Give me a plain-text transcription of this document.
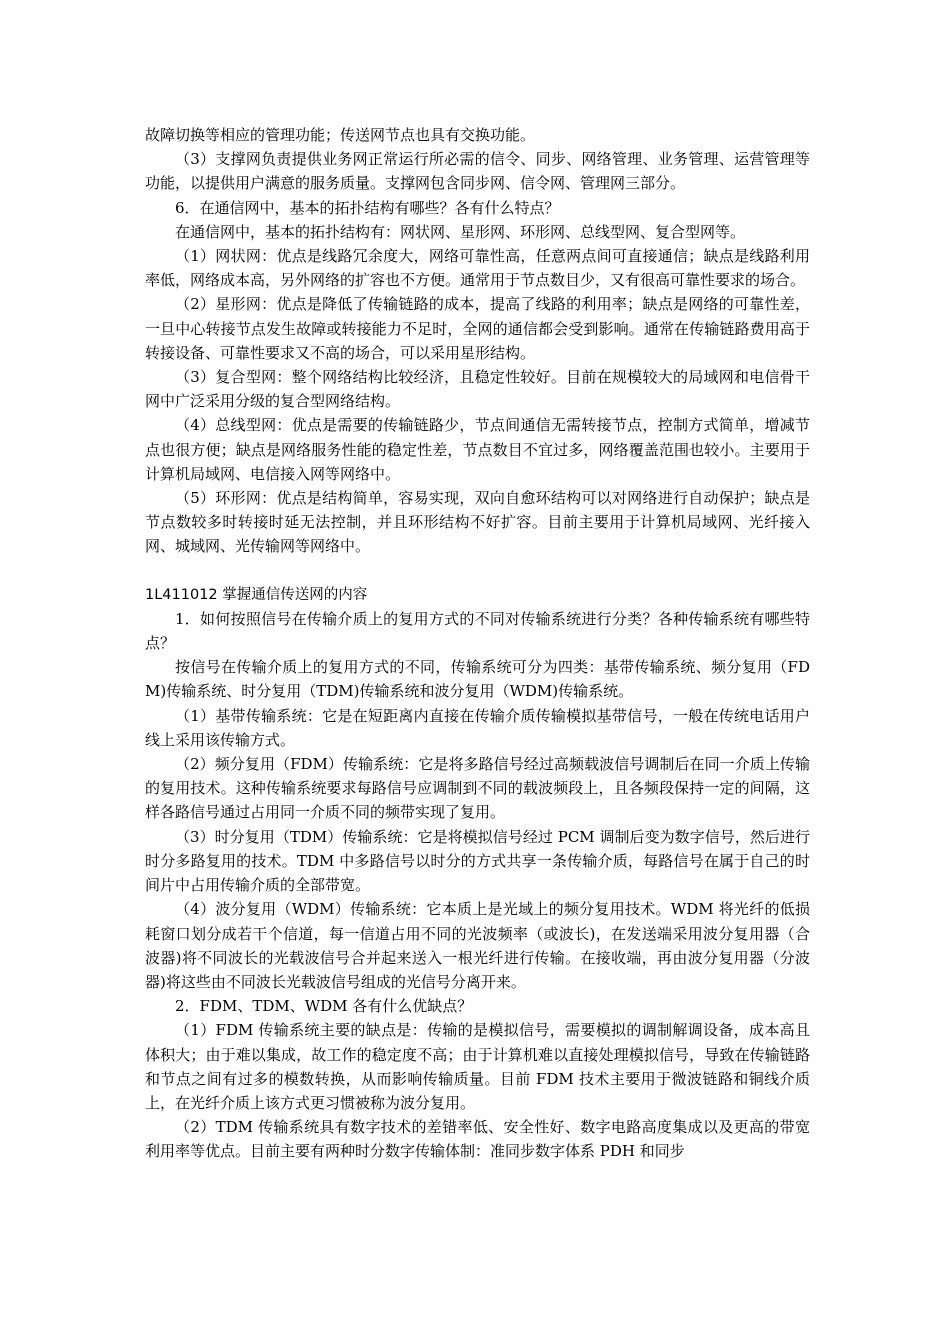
故障切换等相应的管理功能；传送网节点也具有交换功能。

（3）支撑网负责提供业务网正常运行所必需的信令、同步、网络管理、业务管理、运营管理等功能，以提供用户满意的服务质量。支撑网包含同步网、信令网、管理网三部分。

6．在通信网中，基本的拓扑结构有哪些？各有什么特点？

在通信网中，基本的拓扑结构有：网状网、星形网、环形网、总线型网、复合型网等。

（1）网状网：优点是线路冗余度大，网络可靠性高，任意两点间可直接通信；缺点是线路利用率低，网络成本高，另外网络的扩容也不方便。通常用于节点数目少，又有很高可靠性要求的场合。

（2）星形网：优点是降低了传输链路的成本，提高了线路的利用率；缺点是网络的可靠性差，一旦中心转接节点发生故障或转接能力不足时，全网的通信都会受到影响。通常在传输链路费用高于转接设备、可靠性要求又不高的场合，可以采用星形结构。

（3）复合型网：整个网络结构比较经济，且稳定性较好。目前在规模较大的局域网和电信骨干网中广泛采用分级的复合型网络结构。

（4）总线型网：优点是需要的传输链路少，节点间通信无需转接节点，控制方式简单，增减节点也很方便；缺点是网络服务性能的稳定性差，节点数目不宜过多，网络覆盖范围也较小。主要用于计算机局域网、电信接入网等网络中。

（5）环形网：优点是结构简单，容易实现，双向自愈环结构可以对网络进行自动保护；缺点是节点数较多时转接时延无法控制，并且环形结构不好扩容。目前主要用于计算机局域网、光纤接入网、城域网、光传输网等网络中。

1L411012 掌握通信传送网的内容

1．如何按照信号在传输介质上的复用方式的不同对传输系统进行分类？各种传输系统有哪些特点？

按信号在传输介质上的复用方式的不同，传输系统可分为四类：基带传输系统、频分复用（FDM)传输系统、时分复用（TDM)传输系统和波分复用（WDM)传输系统。

（1）基带传输系统：它是在短距离内直接在传输介质传输模拟基带信号，一般在传统电话用户线上采用该传输方式。

（2）频分复用（FDM）传输系统：它是将多路信号经过高频载波信号调制后在同一介质上传输的复用技术。这种传输系统要求每路信号应调制到不同的载波频段上，且各频段保持一定的间隔，这样各路信号通过占用同一介质不同的频带实现了复用。

（3）时分复用（TDM）传输系统：它是将模拟信号经过 PCM 调制后变为数字信号，然后进行时分多路复用的技术。TDM 中多路信号以时分的方式共享一条传输介质，每路信号在属于自己的时间片中占用传输介质的全部带宽。

（4）波分复用（WDM）传输系统：它本质上是光域上的频分复用技术。WDM 将光纤的低损耗窗口划分成若干个信道，每一信道占用不同的光波频率（或波长)，在发送端采用波分复用器（合波器)将不同波长的光载波信号合并起来送入一根光纤进行传输。在接收端，再由波分复用器（分波器)将这些由不同波长光载波信号组成的光信号分离开来。

2．FDM、TDM、WDM 各有什么优缺点？

（1）FDM 传输系统主要的缺点是：传输的是模拟信号，需要模拟的调制解调设备，成本高且体积大；由于难以集成，故工作的稳定度不高；由于计算机难以直接处理模拟信号，导致在传输链路和节点之间有过多的模数转换，从而影响传输质量。目前 FDM 技术主要用于微波链路和铜线介质上，在光纤介质上该方式更习惯被称为波分复用。

（2）TDM 传输系统具有数字技术的差错率低、安全性好、数字电路高度集成以及更高的带宽利用率等优点。目前主要有两种时分数字传输体制：准同步数字体系 PDH 和同步
